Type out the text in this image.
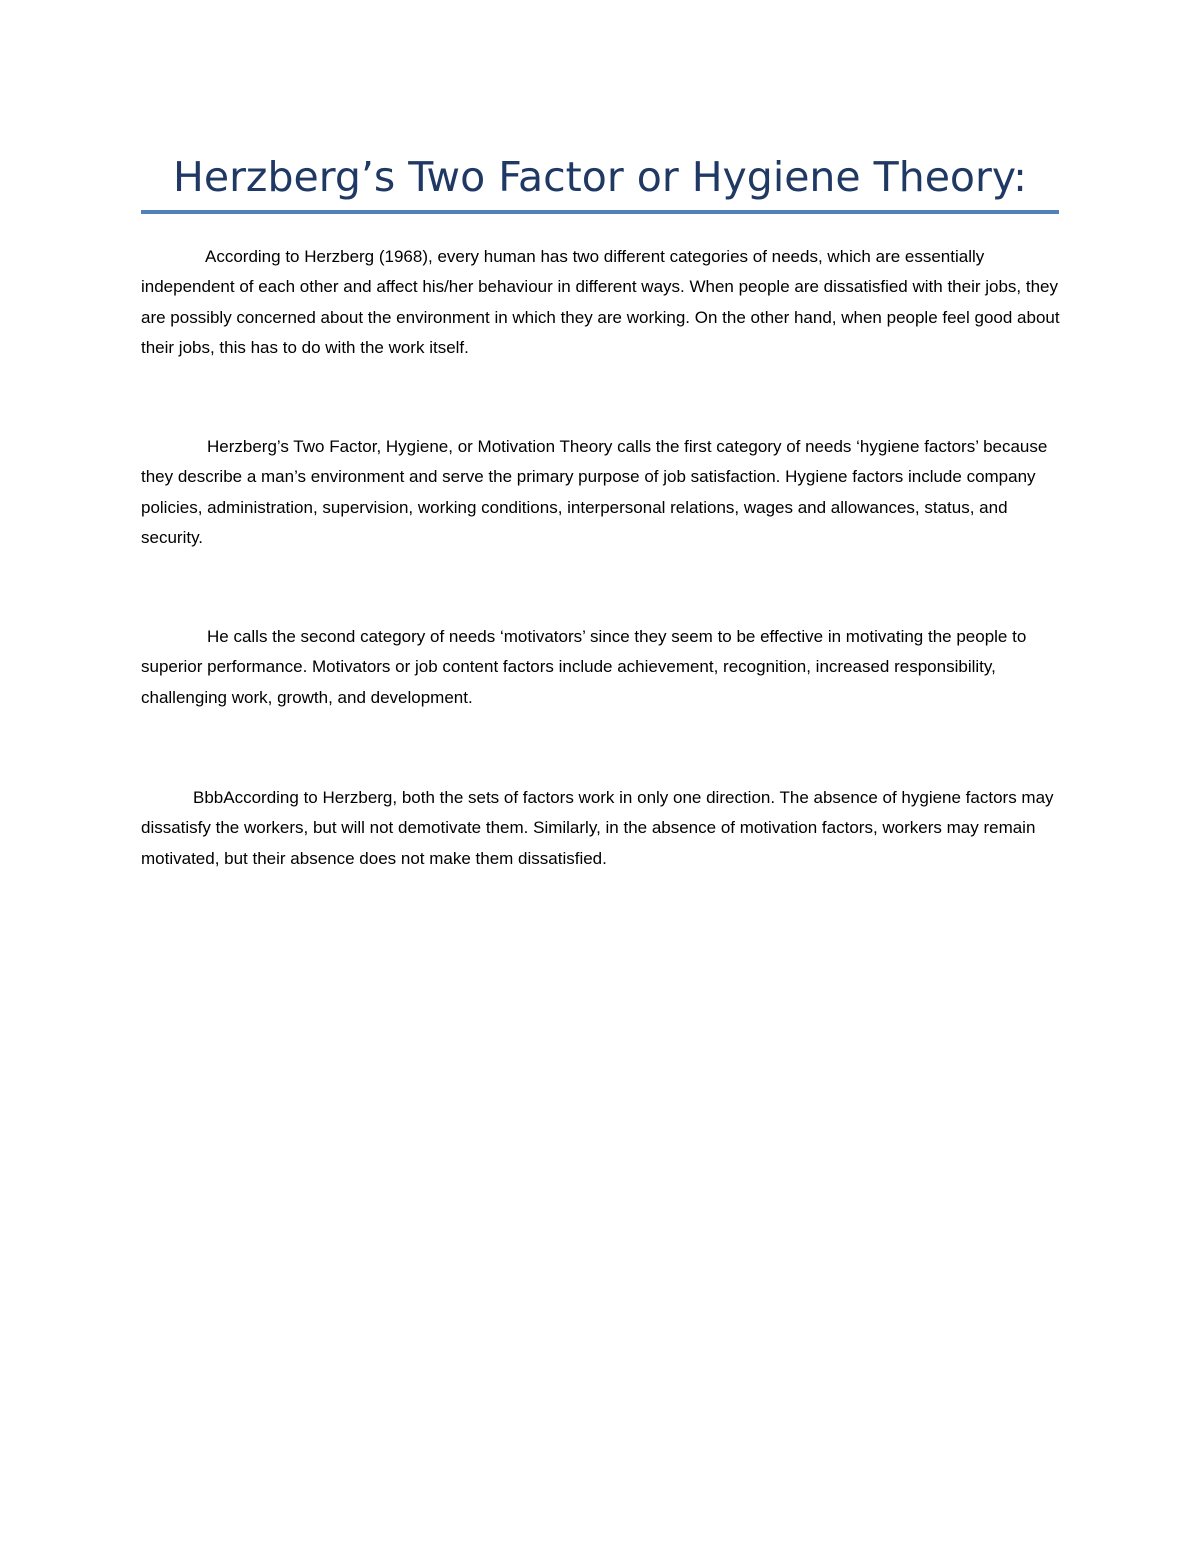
Herzberg’s Two Factor or Hygiene Theory:

According to Herzberg (1968), every human has two different categories of needs, which are essentially independent of each other and affect his/her behaviour in different ways. When people are dissatisfied with their jobs, they are possibly concerned about the environment in which they are working. On the other hand, when people feel good about their jobs, this has to do with the work itself.

Herzberg’s Two Factor, Hygiene, or Motivation Theory calls the first category of needs ‘hygiene factors’ because they describe a man’s environment and serve the primary purpose of job satisfaction. Hygiene factors include company policies, administration, supervision, working conditions, interpersonal relations, wages and allowances, status, and security.

He calls the second category of needs ‘motivators’ since they seem to be effective in motivating the people to superior performance. Motivators or job content factors include achievement, recognition, increased responsibility, challenging work, growth, and development.

BbbAccording to Herzberg, both the sets of factors work in only one direction. The absence of hygiene factors may dissatisfy the workers, but will not demotivate them. Similarly, in the absence of motivation factors, workers may remain motivated, but their absence does not make them dissatisfied.
